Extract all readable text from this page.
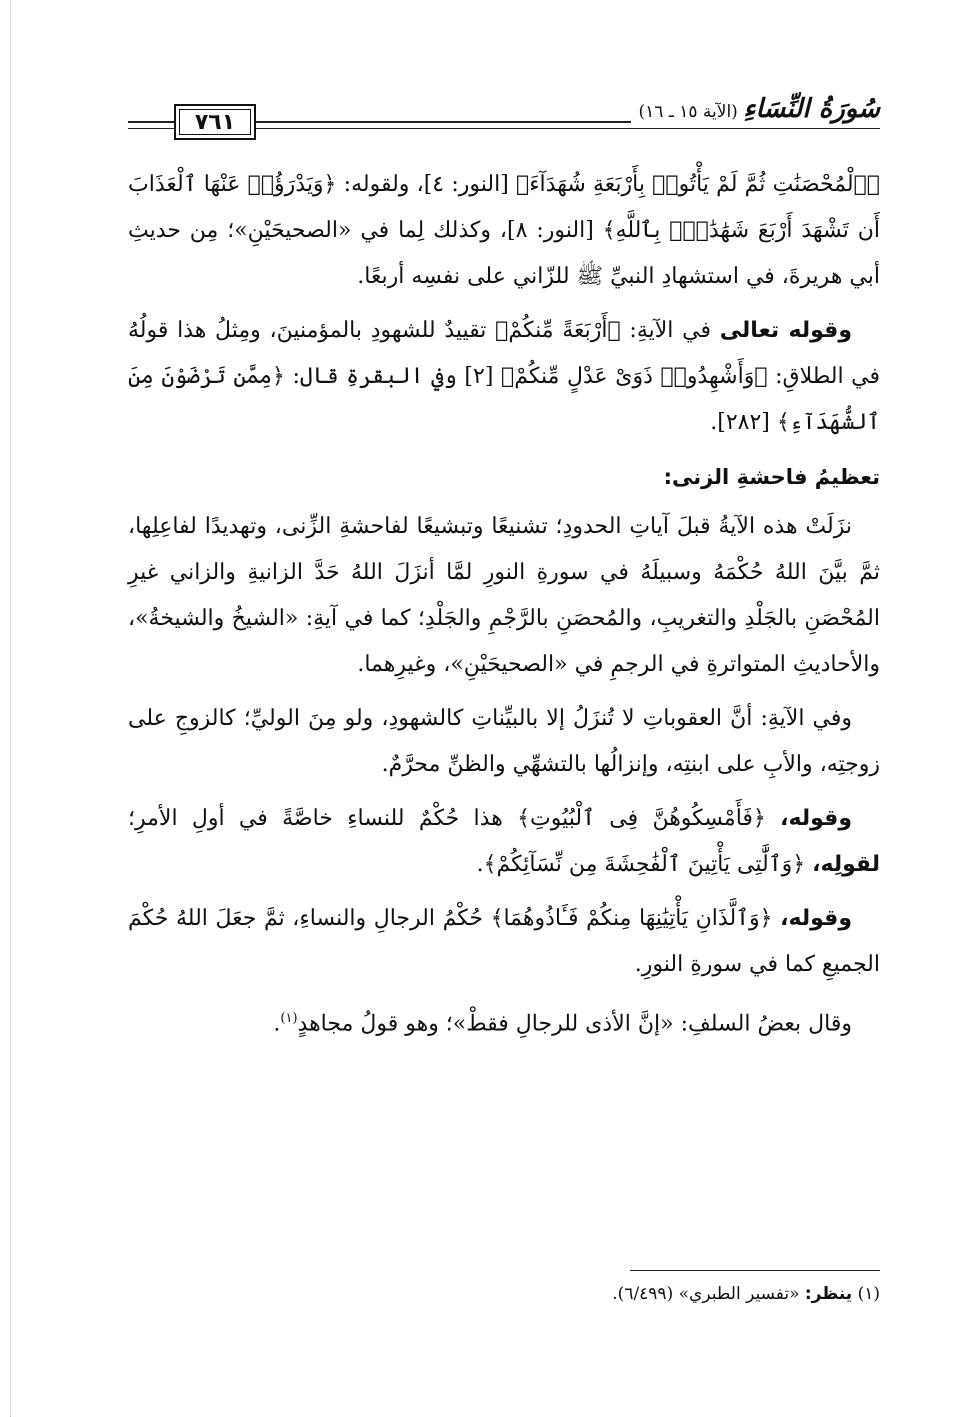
٧٦١	سُورَةُ النِّسَاءِ (الآية ١٥ ـ ١٦)

﴿ٱلْمُحْصَنَٰتِ ثُمَّ لَمْ يَأْتُوا۟ بِأَرْبَعَةِ شُهَدَآءَ﴾ [النور: ٤]، ولقوله: ﴿وَيَدْرَؤُا۟ عَنْهَا ٱلْعَذَابَ أَن تَشْهَدَ أَرْبَعَ شَهَٰدَٰتٍۭ بِٱللَّهِ﴾ [النور: ٨]، وكذلك لِما في «الصحيحَيْنِ»؛ مِن حديثِ أبي هريرةَ، في استشهادِ النبيِّ ﷺ للزّاني على نفسِه أربعًا.

وقوله تعالى في الآيةِ: ﴿أَرْبَعَةً مِّنكُمْ﴾ تقييدٌ للشهودِ بالمؤمنينَ، ومِثلُ هذا قولُهُ في الطلاقِ: ﴿وَأَشْهِدُوا۟ ذَوَىْ عَدْلٍ مِّنكُمْ﴾ [٢] وفي البقرةِ قال: ﴿مِمَّن تَرْضَوْنَ مِنَ ٱلشُّهَدَآءِ﴾ [٢٨٢].

تعظيمُ فاحشةِ الزنى:

نزَلَتْ هذه الآيةُ قبلَ آياتِ الحدودِ؛ تشنيعًا وتبشيعًا لفاحشةِ الزِّنى، وتهديدًا لفاعِلِها، ثمَّ بيَّنَ اللهُ حُكْمَهُ وسبيلَهُ في سورةِ النورِ لمَّا أنزَلَ اللهُ حَدَّ الزانيةِ والزاني غيرِ المُحْصَنِ بالجَلْدِ والتغريبِ، والمُحصَنِ بالرَّجْمِ والجَلْدِ؛ كما في آيةِ: «الشيخُ والشيخةُ»، والأحاديثِ المتواترةِ في الرجمِ في «الصحيحَيْنِ»، وغيرِهما.

وفي الآيةِ: أنَّ العقوباتِ لا تُنزَلُ إلا بالبيِّناتِ كالشهودِ، ولو مِنَ الوليِّ؛ كالزوجِ على زوجتِه، والأبِ على ابنتِه، وإنزالُها بالتشهِّي والظنِّ محرَّمٌ.

وقوله، ﴿فَأَمْسِكُوهُنَّ فِى ٱلْبُيُوتِ﴾ هذا حُكْمٌ للنساءِ خاصَّةً في أولِ الأمرِ؛ لقولِه، ﴿وَٱلَّٰتِى يَأْتِينَ ٱلْفَٰحِشَةَ مِن نِّسَآئِكُمْ﴾.

وقوله، ﴿وَٱلَّذَانِ يَأْتِيَٰنِهَا مِنكُمْ فَـَٔاذُوهُمَا﴾ حُكْمُ الرجالِ والنساءِ، ثمَّ جعَلَ اللهُ حُكْمَ الجميعِ كما في سورةِ النورِ.

وقال بعضُ السلفِ: «إنَّ الأذى للرجالِ فقطْ»؛ وهو قولُ مجاهدٍ$^{(١)}$.

(١) ينظر: «تفسير الطبري» (٦/٤٩٩).
